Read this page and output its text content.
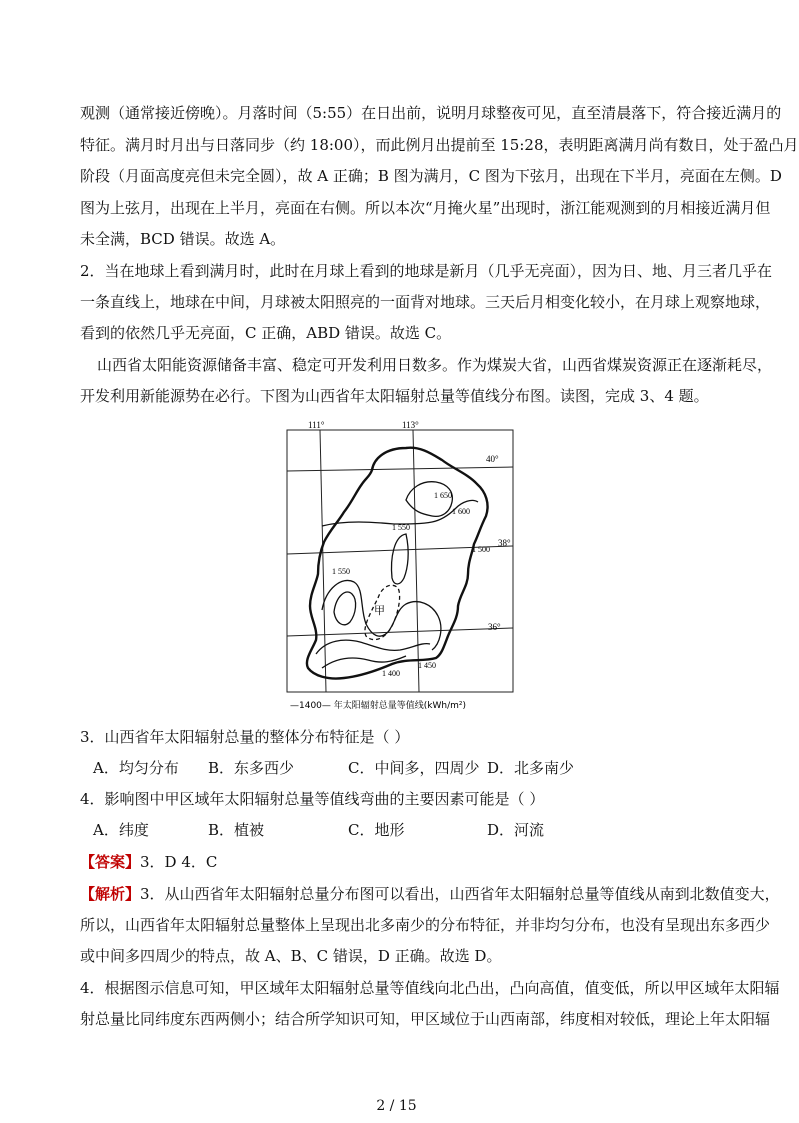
观测（通常接近傍晚）。月落时间（5:55）在日出前，说明月球整夜可见，直至清晨落下，符合接近满月的
特征。满月时月出与日落同步（约 18:00），而此例月出提前至 15:28，表明距离满月尚有数日，处于盈凸月
阶段（月面高度亮但未完全圆），故 A 正确；B 图为满月，C 图为下弦月，出现在下半月，亮面在左侧。D
图为上弦月，出现在上半月，亮面在右侧。所以本次“月掩火星”出现时，浙江能观测到的月相接近满月但
未全满，BCD 错误。故选 A。
2．当在地球上看到满月时，此时在月球上看到的地球是新月（几乎无亮面），因为日、地、月三者几乎在
一条直线上，地球在中间，月球被太阳照亮的一面背对地球。三天后月相变化较小，在月球上观察地球，
看到的依然几乎无亮面，C 正确，ABD 错误。故选 C。
山西省太阳能资源储备丰富、稳定可开发利用日数多。作为煤炭大省，山西省煤炭资源正在逐渐耗尽，
开发利用新能源势在必行。下图为山西省年太阳辐射总量等值线分布图。读图，完成 3、4 题。
111°	113°
40°
38°
36°
1 650
1 600
1 550
1 500
1 550
1 450
1 400
甲
—1400— 年太阳辐射总量等值线(kWh/m²)
3．山西省年太阳辐射总量的整体分布特征是（ ）
A．均匀分布	B．东多西少	C．中间多，四周少 D．北多南少
4．影响图中甲区域年太阳辐射总量等值线弯曲的主要因素可能是（ ）
A．纬度	B．植被	C．地形	D．河流
【答案】3．D 4．C
【解析】3．从山西省年太阳辐射总量分布图可以看出，山西省年太阳辐射总量等值线从南到北数值变大，
所以，山西省年太阳辐射总量整体上呈现出北多南少的分布特征，并非均匀分布，也没有呈现出东多西少
或中间多四周少的特点，故 A、B、C 错误，D 正确。故选 D。
4．根据图示信息可知，甲区域年太阳辐射总量等值线向北凸出，凸向高值，值变低，所以甲区域年太阳辐
射总量比同纬度东西两侧小；结合所学知识可知，甲区域位于山西南部，纬度相对较低，理论上年太阳辐
2 / 15
